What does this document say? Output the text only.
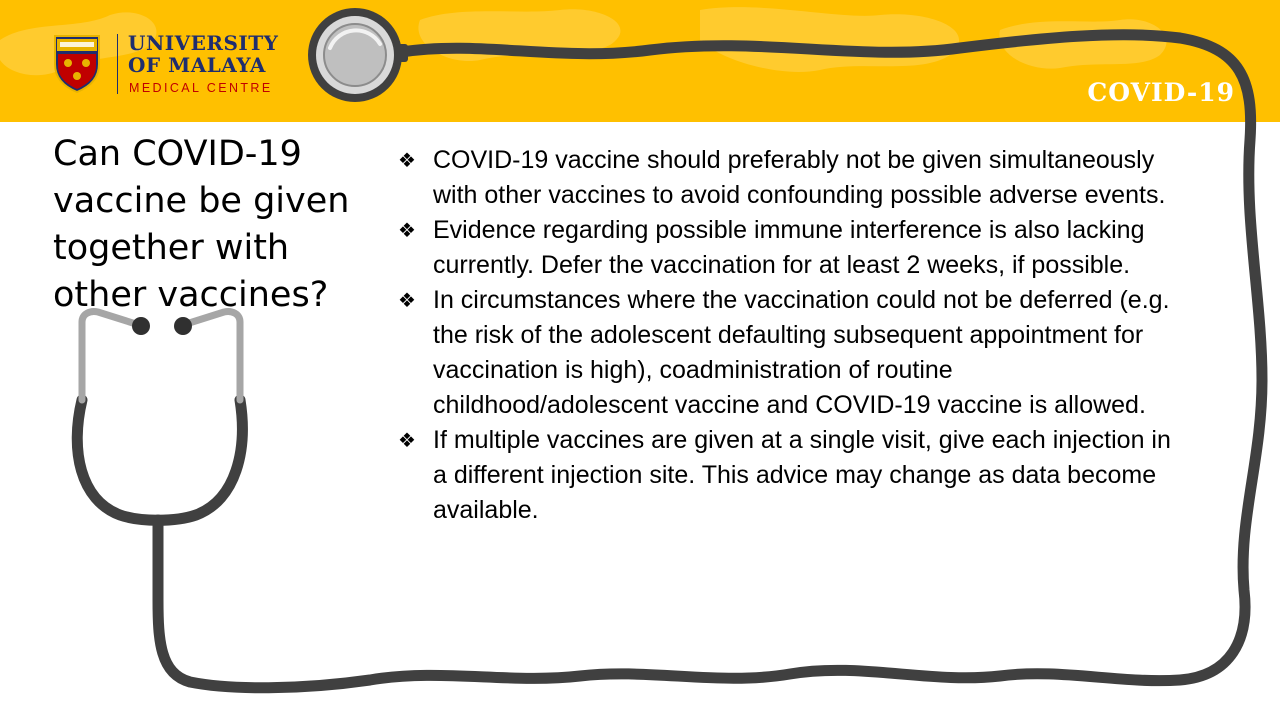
UNIVERSITY
OF MALAYA
MEDICAL CENTRE	COVID-19
Can COVID-19 vaccine be given together with other vaccines?
❖ COVID-19 vaccine should preferably not be given simultaneously with other vaccines to avoid confounding possible adverse events.
❖ Evidence regarding possible immune interference is also lacking currently. Defer the vaccination for at least 2 weeks, if possible.
❖ In circumstances where the vaccination could not be deferred (e.g. the risk of the adolescent defaulting subsequent appointment for vaccination is high), coadministration of routine childhood/adolescent vaccine and COVID-19 vaccine is allowed.
❖ If multiple vaccines are given at a single visit, give each injection in a different injection site. This advice may change as data become available.
